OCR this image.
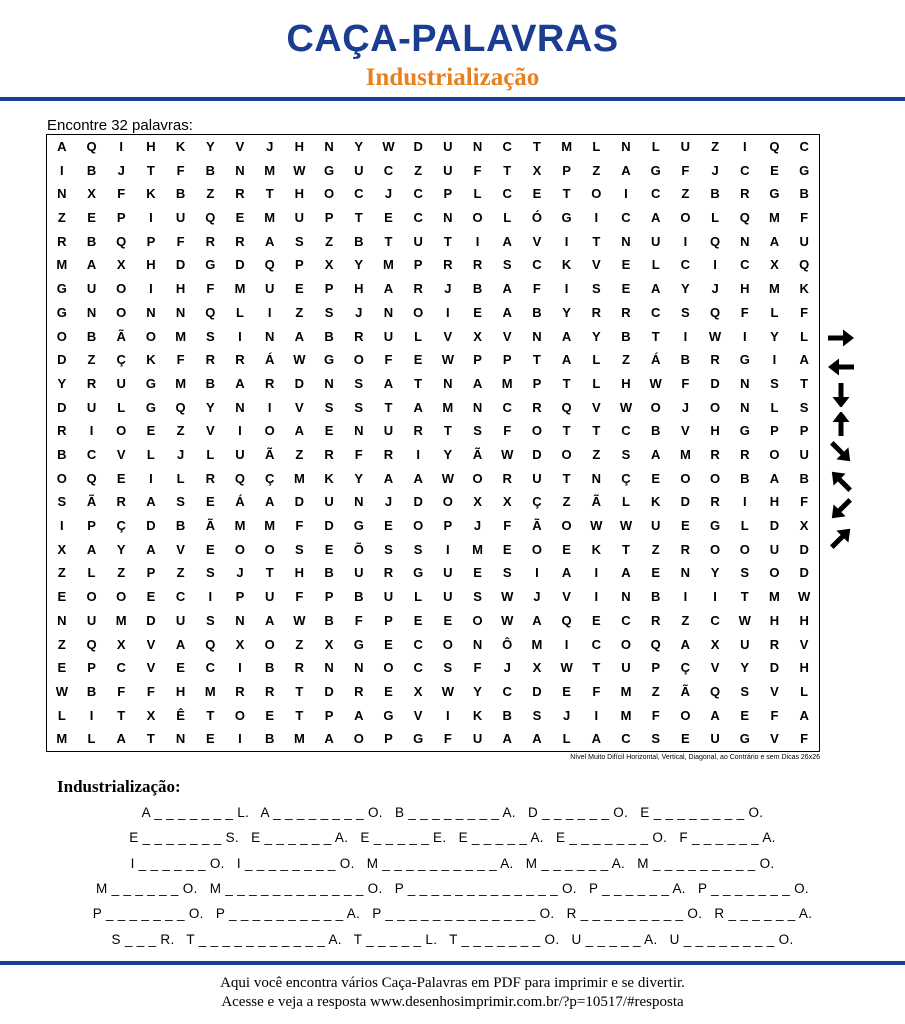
CAÇA-PALAVRAS
Industrialização
Encontre 32 palavras:
A	Q	I	H	K	Y	V	J	H	N	Y	W	D	U	N	C	T	M	L	N	L	U	Z	I	Q	C
I	B	J	T	F	B	N	M	W	G	U	C	Z	U	F	T	X	P	Z	A	G	F	J	C	E	G
N	X	F	K	B	Z	R	T	H	O	C	J	C	P	L	C	E	T	O	I	C	Z	B	R	G	B
Z	E	P	I	U	Q	E	M	U	P	T	E	C	N	O	L	Ó	G	I	C	A	O	L	Q	M	F
R	B	Q	P	F	R	R	A	S	Z	B	T	U	T	I	A	V	I	T	N	U	I	Q	N	A	U
M	A	X	H	D	G	D	Q	P	X	Y	M	P	R	R	S	C	K	V	E	L	C	I	C	X	Q
G	U	O	I	H	F	M	U	E	P	H	A	R	J	B	A	F	I	S	E	A	Y	J	H	M	K
G	N	O	N	N	Q	L	I	Z	S	J	N	O	I	E	A	B	Y	R	R	C	S	Q	F	L	F
O	B	Ã	O	M	S	I	N	A	B	R	U	L	V	X	V	N	A	Y	B	T	I	W	I	Y	L
D	Z	Ç	K	F	R	R	Á	W	G	O	F	E	W	P	P	T	A	L	Z	Á	B	R	G	I	A
Y	R	U	G	M	B	A	R	D	N	S	A	T	N	A	M	P	T	L	H	W	F	D	N	S	T
D	U	L	G	Q	Y	N	I	V	S	S	T	A	M	N	C	R	Q	V	W	O	J	O	N	L	S
R	I	O	E	Z	V	I	O	A	E	N	U	R	T	S	F	O	T	T	C	B	V	H	G	P	P
B	C	V	L	J	L	U	Ã	Z	R	F	R	I	Y	Ã	W	D	O	Z	S	A	M	R	R	O	U
O	Q	E	I	L	R	Q	Ç	M	K	Y	A	A	W	O	R	U	T	N	Ç	E	O	O	B	A	B
S	Ã	R	A	S	E	Á	A	D	U	N	J	D	O	X	X	Ç	Z	Ã	L	K	D	R	I	H	F
I	P	Ç	D	B	Ã	M	M	F	D	G	E	O	P	J	F	Ã	O	W	W	U	E	G	L	D	X
X	A	Y	A	V	E	O	O	S	E	Õ	S	S	I	M	E	O	E	K	T	Z	R	O	O	U	D
Z	L	Z	P	Z	S	J	T	H	B	U	R	G	U	E	S	I	A	I	A	E	N	Y	S	O	D
E	O	O	E	C	I	P	U	F	P	B	U	L	U	S	W	J	V	I	N	B	I	I	T	M	W
N	U	M	D	U	S	N	A	W	B	F	P	E	E	O	W	A	Q	E	C	R	Z	C	W	H	H
Z	Q	X	V	A	Q	X	O	Z	X	G	E	C	O	N	Ô	M	I	C	O	Q	A	X	U	R	V
E	P	C	V	E	C	I	B	R	N	N	O	C	S	F	J	X	W	T	U	P	Ç	V	Y	D	H
W	B	F	F	H	M	R	R	T	D	R	E	X	W	Y	C	D	E	F	M	Z	Ã	Q	S	V	L
L	I	T	X	Ê	T	O	E	T	P	A	G	V	I	K	B	S	J	I	M	F	O	A	E	F	A
M	L	A	T	N	E	I	B	M	A	O	P	G	F	U	A	A	L	A	C	S	E	U	G	V	F
Nível Muito Difícil Horizontal, Vertical, Diagonal, ao Contrário e sem Dicas 26x26
Industrialização:
A _ _ _ _ _ _ _ L.   A _ _ _ _ _ _ _ _ O.   B _ _ _ _ _ _ _ _ A.   D _ _ _ _ _ _ O.   E _ _ _ _ _ _ _ _ O.
E _ _ _ _ _ _ _ S.   E _ _ _ _ _ _ A.   E _ _ _ _ _ E.   E _ _ _ _ _ A.   E _ _ _ _ _ _ _ O.   F _ _ _ _ _ _ A.
I _ _ _ _ _ _ O.   I _ _ _ _ _ _ _ _ O.   M _ _ _ _ _ _ _ _ _ _ A.   M _ _ _ _ _ _ A.   M _ _ _ _ _ _ _ _ _ O.
M _ _ _ _ _ _ O.   M _ _ _ _ _ _ _ _ _ _ _ _ O.   P _ _ _ _ _ _ _ _ _ _ _ _ _ O.   P _ _ _ _ _ _ A.   P _ _ _ _ _ _ _ O.
P _ _ _ _ _ _ _ O.   P _ _ _ _ _ _ _ _ _ _ A.   P _ _ _ _ _ _ _ _ _ _ _ _ _ O.   R _ _ _ _ _ _ _ _ _ O.   R _ _ _ _ _ _ A.
S _ _ _ R.   T _ _ _ _ _ _ _ _ _ _ _ A.   T _ _ _ _ _ L.   T _ _ _ _ _ _ _ O.   U _ _ _ _ _ A.   U _ _ _ _ _ _ _ _ O.
Aqui você encontra vários Caça-Palavras em PDF para imprimir e se divertir.
Acesse e veja a resposta www.desenhosimprimir.com.br/?p=10517/#resposta
